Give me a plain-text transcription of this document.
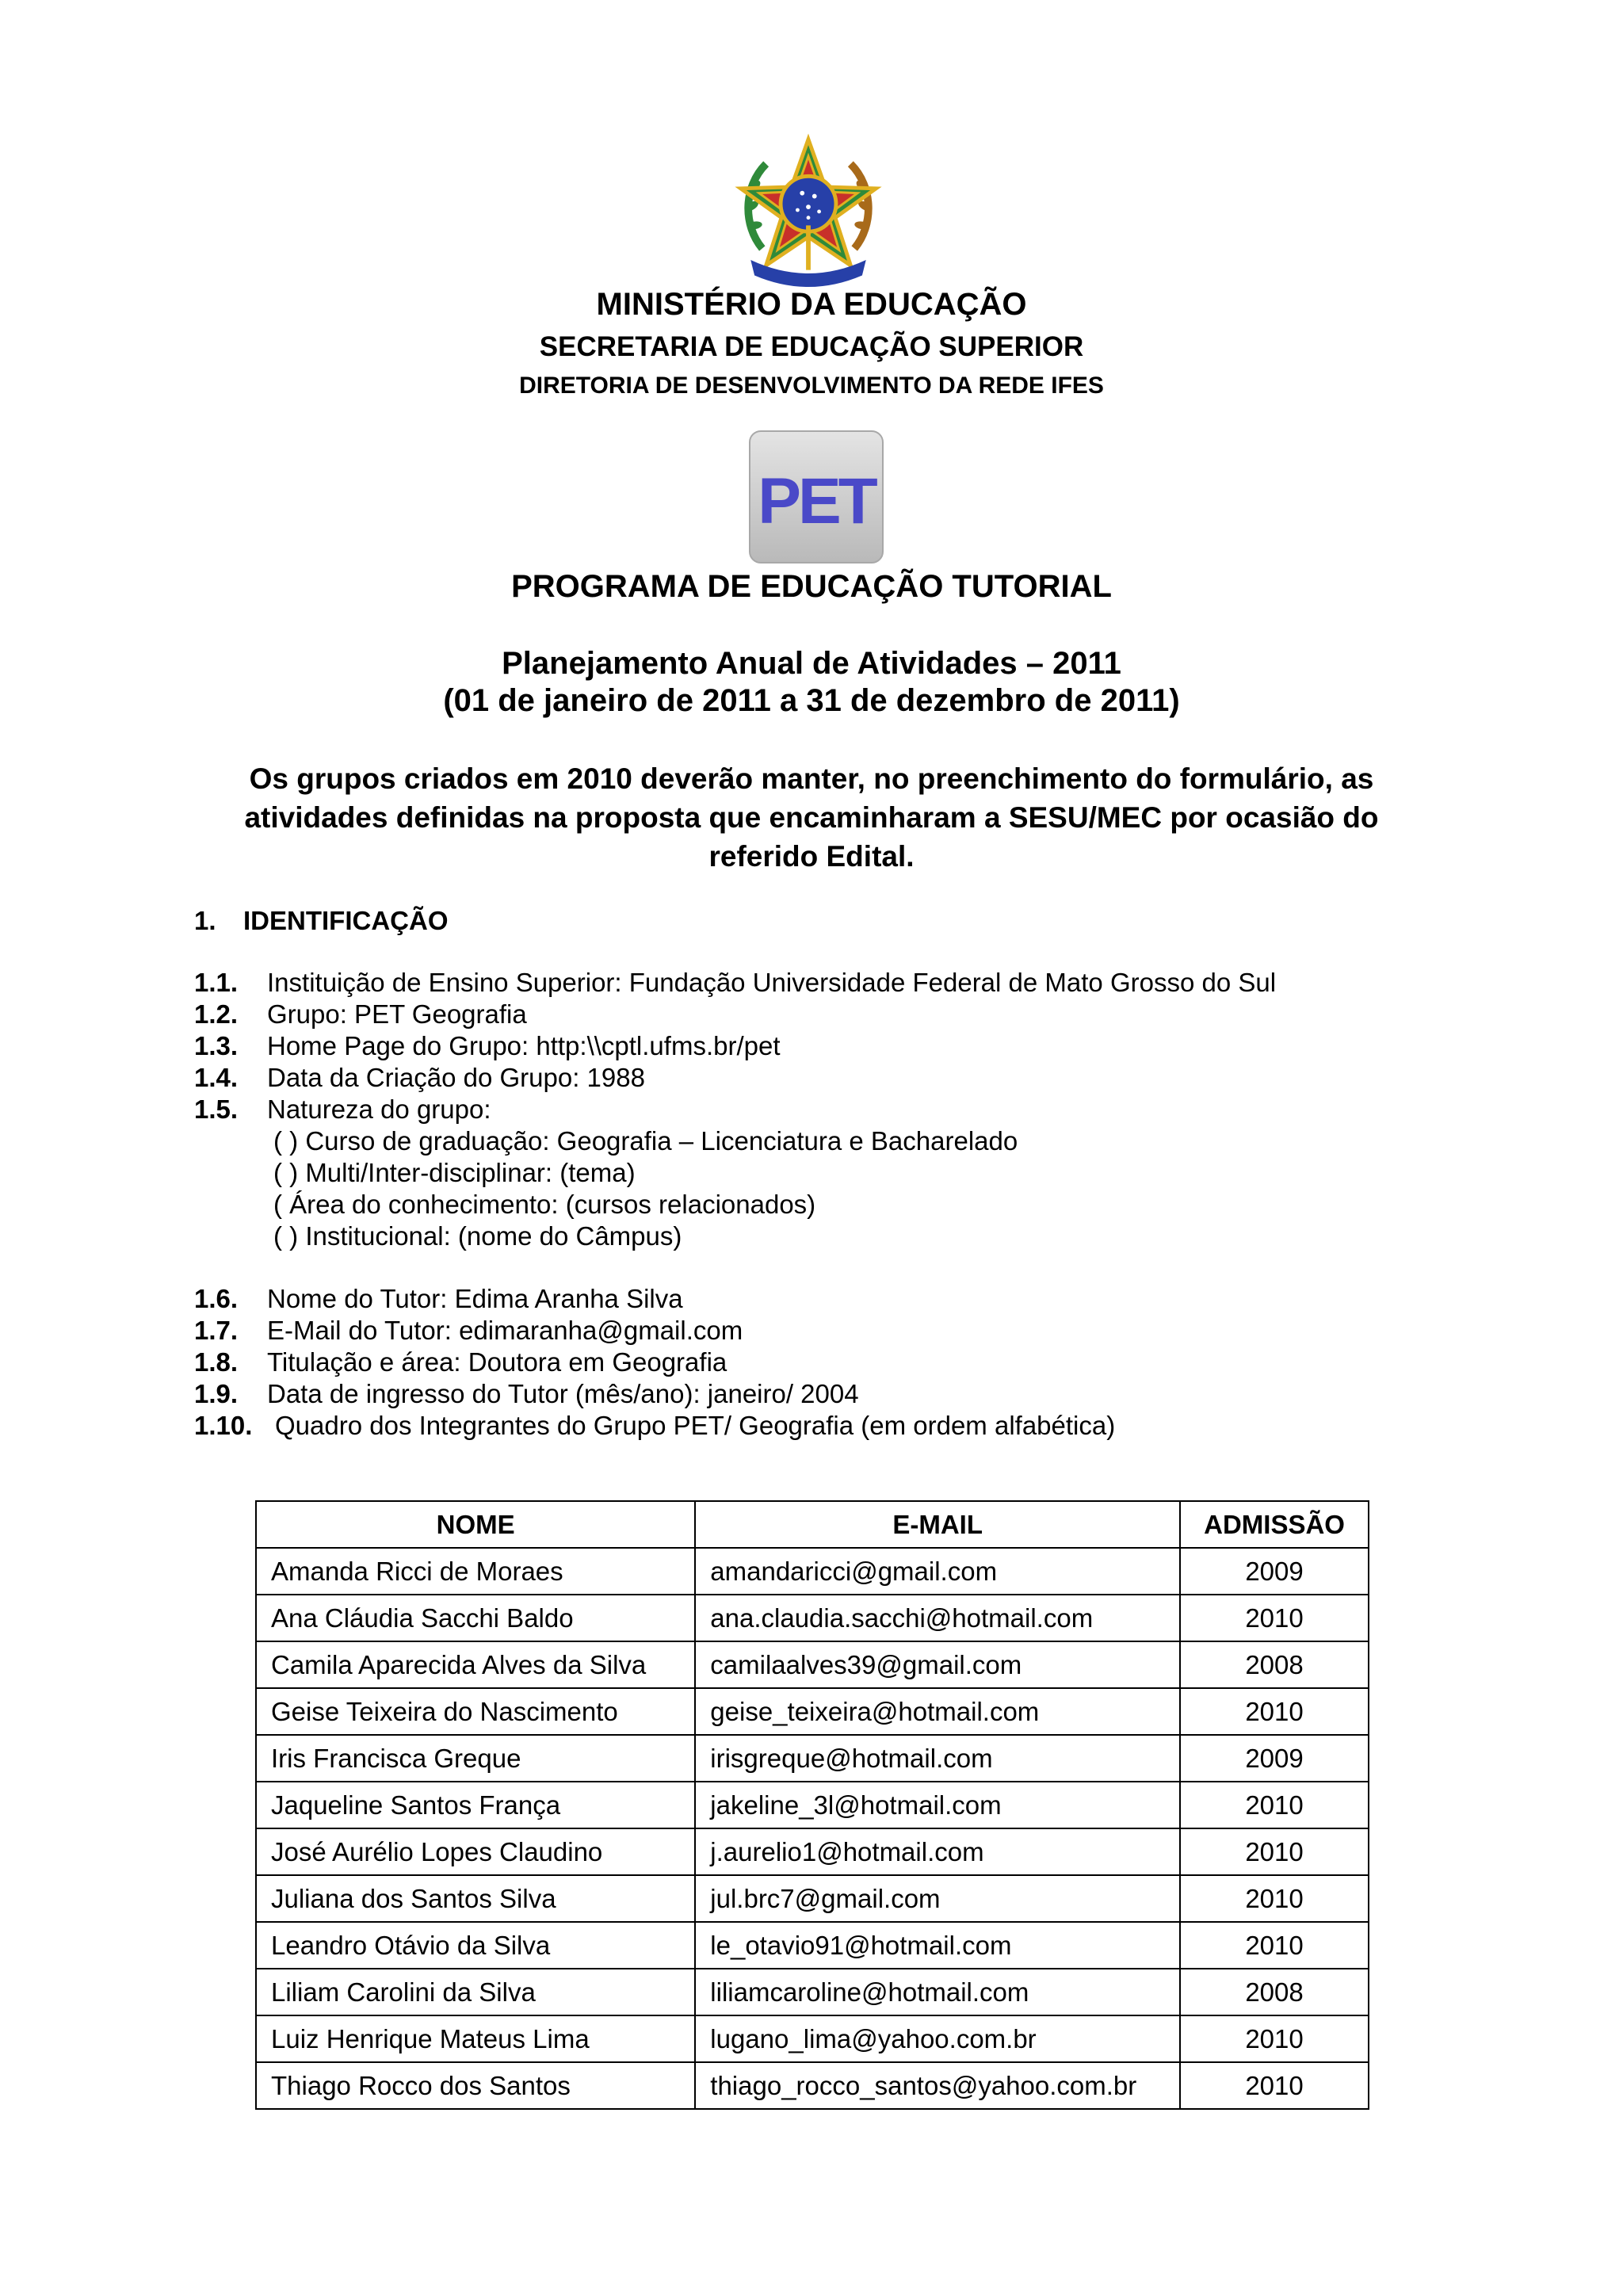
MINISTÉRIO DA EDUCAÇÃO
SECRETARIA DE EDUCAÇÃO SUPERIOR
DIRETORIA DE DESENVOLVIMENTO DA REDE IFES
PET
PROGRAMA DE EDUCAÇÃO TUTORIAL
Planejamento Anual de Atividades – 2011
(01 de janeiro de 2011 a 31 de dezembro de 2011)
Os grupos criados em 2010 deverão manter, no preenchimento do formulário, as atividades definidas na proposta que encaminharam a SESU/MEC por ocasião do referido Edital.
1. IDENTIFICAÇÃO
1.1. Instituição de Ensino Superior: Fundação Universidade Federal de Mato Grosso do Sul
1.2. Grupo: PET Geografia
1.3. Home Page do Grupo: http:\\cptl.ufms.br/pet
1.4. Data da Criação do Grupo: 1988
1.5. Natureza do grupo:
( ) Curso de graduação: Geografia – Licenciatura e Bacharelado
( ) Multi/Inter-disciplinar: (tema)
( Área do conhecimento: (cursos relacionados)
( ) Institucional: (nome do Câmpus)
1.6. Nome do Tutor: Edima Aranha Silva
1.7. E-Mail do Tutor: edimaranha@gmail.com
1.8. Titulação e área: Doutora em Geografia
1.9. Data de ingresso do Tutor (mês/ano): janeiro/ 2004
1.10. Quadro dos Integrantes do Grupo PET/ Geografia (em ordem alfabética)
NOME	E-MAIL	ADMISSÃO
Amanda Ricci de Moraes	amandaricci@gmail.com	2009
Ana Cláudia Sacchi Baldo	ana.claudia.sacchi@hotmail.com	2010
Camila Aparecida Alves da Silva	camilaalves39@gmail.com	2008
Geise Teixeira do Nascimento	geise_teixeira@hotmail.com	2010
Iris Francisca Greque	irisgreque@hotmail.com	2009
Jaqueline Santos França	jakeline_3l@hotmail.com	2010
José Aurélio Lopes Claudino	j.aurelio1@hotmail.com	2010
Juliana dos Santos Silva	jul.brc7@gmail.com	2010
Leandro Otávio da Silva	le_otavio91@hotmail.com	2010
Liliam Carolini da Silva	liliamcaroline@hotmail.com	2008
Luiz Henrique Mateus Lima	lugano_lima@yahoo.com.br	2010
Thiago Rocco dos Santos	thiago_rocco_santos@yahoo.com.br	2010
